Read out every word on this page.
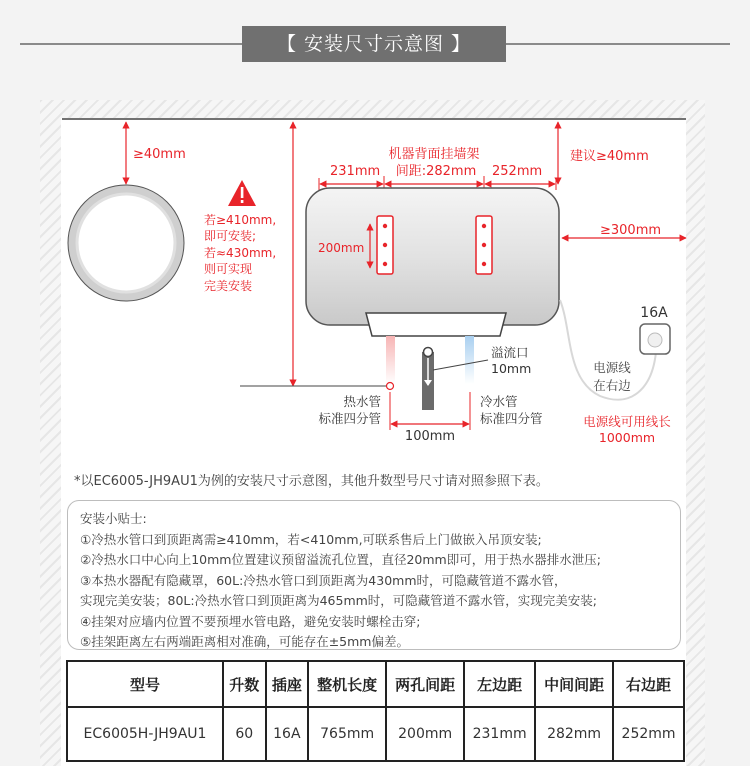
【 安装尺寸示意图 】
≥40mm
若≥410mm,
即可安装;
若≈430mm,
则可实现
完美安装
231mm
机器背面挂墙架
间距:282mm 252mm
建议≥40mm
≥300mm
200mm
溢流口
10mm
100mm
热水管
标准四分管
冷水管
标准四分管
16A
电源线
在右边
电源线可用线长
1000mm
*以EC6005-JH9AU1为例的安装尺寸示意图，其他升数型号尺寸请对照参照下表。
安装小贴士:
①冷热水管口到顶距离需≥410mm，若<410mm,可联系售后上门做嵌入吊顶安装;
②冷热水口中心向上10mm位置建议预留溢流孔位置，直径20mm即可，用于热水器排水泄压;
③本热水器配有隐藏罩，60L:冷热水管口到顶距离为430mm时，可隐藏管道不露水管，
实现完美安装；80L:冷热水管口到顶距离为465mm时，可隐藏管道不露水管，实现完美安装;
④挂架对应墙内位置不要预埋水管电路，避免安装时螺栓击穿;
⑤挂架距离左右两端距离相对准确，可能存在±5mm偏差。
型号	升数	插座	整机长度	两孔间距	左边距	中间间距	右边距
EC6005H-JH9AU1	60	16A	765mm	200mm	231mm	282mm	252mm
